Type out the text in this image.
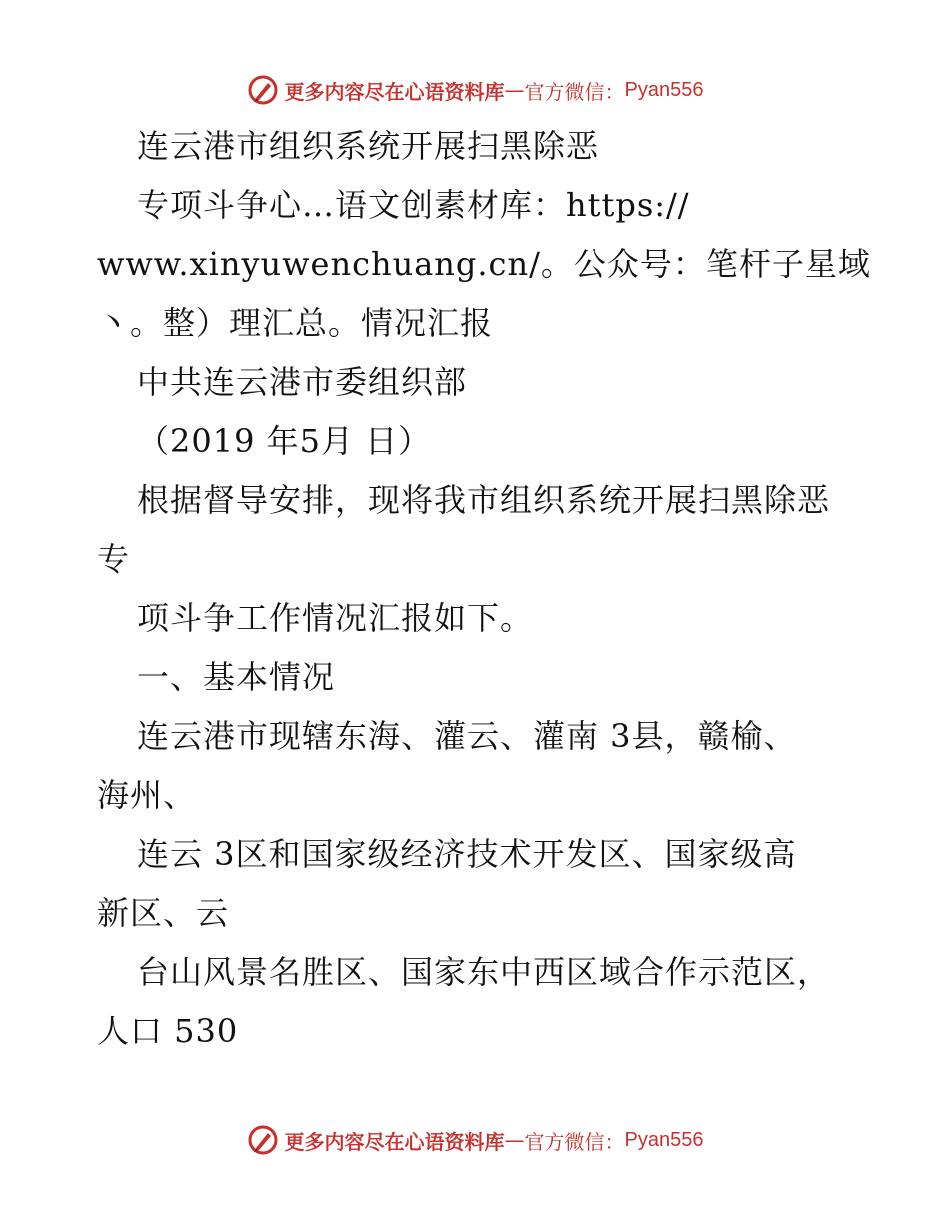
更多内容尽在心语资料库 — 官方微信： Pyan556
连云港市组织系统开展扫黑除恶
专项斗争心…语文创素材库：https://
www.xinyuwenchuang.cn/。公众号：笔杆子星域
丶。整）理汇总。情况汇报
中共连云港市委组织部
（2019 年5月 日）
根据督导安排，现将我市组织系统开展扫黑除恶
专
项斗争工作情况汇报如下。
一、基本情况
连云港市现辖东海、灌云、灌南 3县，赣榆、
海州、
连云 3区和国家级经济技术开发区、国家级高
新区、云
台山风景名胜区、国家东中西区域合作示范区，
人口 530
更多内容尽在心语资料库 — 官方微信： Pyan556
